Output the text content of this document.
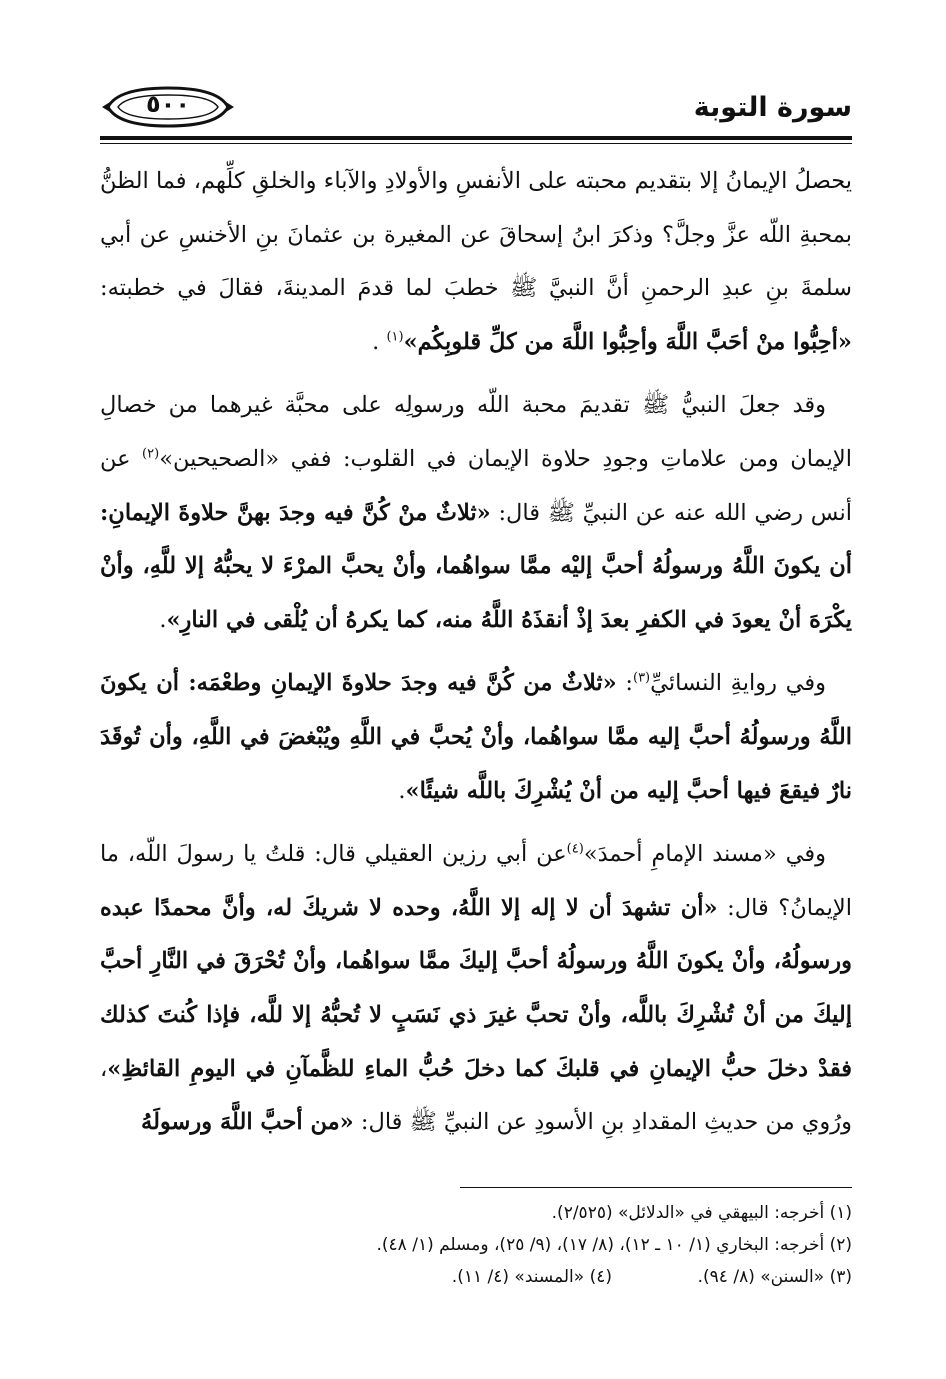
٥٠٠	سورة التوبة

يحصلُ الإيمانُ إلا بتقديم محبته على الأنفسِ والأولادِ والآباء والخلقِ كلِّهم، فما الظنُّ بمحبةِ اللّه عزَّ وجلَّ؟ وذكرَ ابنُ إسحاقَ عن المغيرة بن عثمانَ بنِ الأخنسِ عن أبي سلمةَ بنِ عبدِ الرحمنِ أنَّ النبيَّ ﷺ خطبَ لما قدمَ المدينةَ، فقالَ في خطبته: «أحِبُّوا منْ أحَبَّ اللَّهَ وأحِبُّوا اللَّهَ من كلِّ قلوبِكُم»$^{(١)}$ .

وقد جعلَ النبيُّ ﷺ تقديمَ محبة اللّه ورسولِه على محبَّة غيرهما من خصالِ الإيمان ومن علاماتِ وجودِ حلاوة الإيمان في القلوب: ففي «الصحيحين»$^{(٢)}$ عن أنس رضي الله عنه عن النبيِّ ﷺ قال: «ثلاثٌ منْ كُنَّ فيه وجدَ بهنَّ حلاوةَ الإيمانِ: أن يكونَ اللَّهُ ورسولُهُ أحبَّ إليْه ممَّا سواهُما، وأنْ يحبَّ المرْءَ لا يحبُّهُ إلا للَّهِ، وأنْ يكْرَهَ أنْ يعودَ في الكفرِ بعدَ إذْ أنقذَهُ اللَّهُ منه، كما يكرهُ أن يُلْقى في النارِ».

وفي روايةِ النسائيِّ$^{(٣)}$: «ثلاثٌ من كُنَّ فيه وجدَ حلاوةَ الإيمانِ وطعْمَه: أن يكونَ اللَّهُ ورسولُهُ أحبَّ إليه ممَّا سواهُما، وأنْ يُحبَّ في اللَّهِ ويُبْغضَ في اللَّهِ، وأن تُوقَدَ نارٌ فيقعَ فيها أحبَّ إليه من أنْ يُشْرِكَ باللَّه شيئًا».

وفي «مسند الإمامِ أحمدَ»$^{(٤)}$عن أبي رزين العقيلي قال: قلتُ يا رسولَ اللّه، ما الإيمانُ؟ قال: «أن تشهدَ أن لا إله إلا اللَّهُ، وحده لا شريكَ له، وأنَّ محمدًا عبده ورسولُهُ، وأنْ يكونَ اللَّهُ ورسولُهُ أحبَّ إليكَ ممَّا سواهُما، وأنْ تُحْرَقَ في النَّارِ أحبَّ إليكَ من أنْ تُشْرِكَ باللَّه، وأنْ تحبَّ غيرَ ذي نَسَبٍ لا تُحبُّهُ إلا للَّه، فإذا كُنتَ كذلك فقدْ دخلَ حبُّ الإيمانِ في قلبكَ كما دخلَ حُبُّ الماءِ للظَّمآنِ في اليومِ القائظِ»، ورُوي من حديثِ المقدادِ بنِ الأسودِ عن النبيِّ ﷺ قال: «من أحبَّ اللَّهَ ورسولَهُ

(١) أخرجه: البيهقي في «الدلائل» (٢/٥٢٥).
(٢) أخرجه: البخاري (١/ ١٠ ـ ١٢)، (٨/ ١٧)، (٩/ ٢٥)، ومسلم (١/ ٤٨).
(٣) «السنن» (٨/ ٩٤).
(٤) «المسند» (٤/ ١١).
